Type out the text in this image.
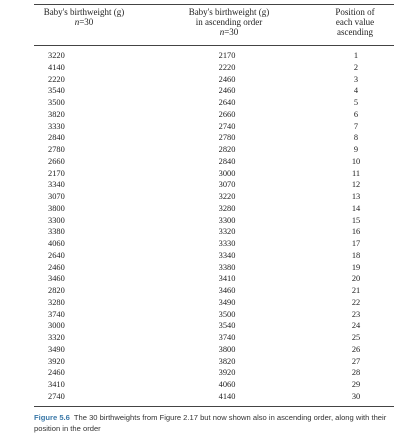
Baby's birthweight (g)
n=30
Baby's birthweight (g)
in ascending order
n=30
Position of
each value
ascending
3220	2170	1
4140	2220	2
2220	2460	3
3540	2460	4
3500	2640	5
3820	2660	6
3330	2740	7
2840	2780	8
2780	2820	9
2660	2840	10
2170	3000	11
3340	3070	12
3070	3220	13
3800	3280	14
3300	3300	15
3380	3320	16
4060	3330	17
2640	3340	18
2460	3380	19
3460	3410	20
2820	3460	21
3280	3490	22
3740	3500	23
3000	3540	24
3320	3740	25
3490	3800	26
3920	3820	27
2460	3920	28
3410	4060	29
2740	4140	30
Figure 5.6 The 30 birthweights from Figure 2.17 but now shown also in ascending order, along with their position in the order
